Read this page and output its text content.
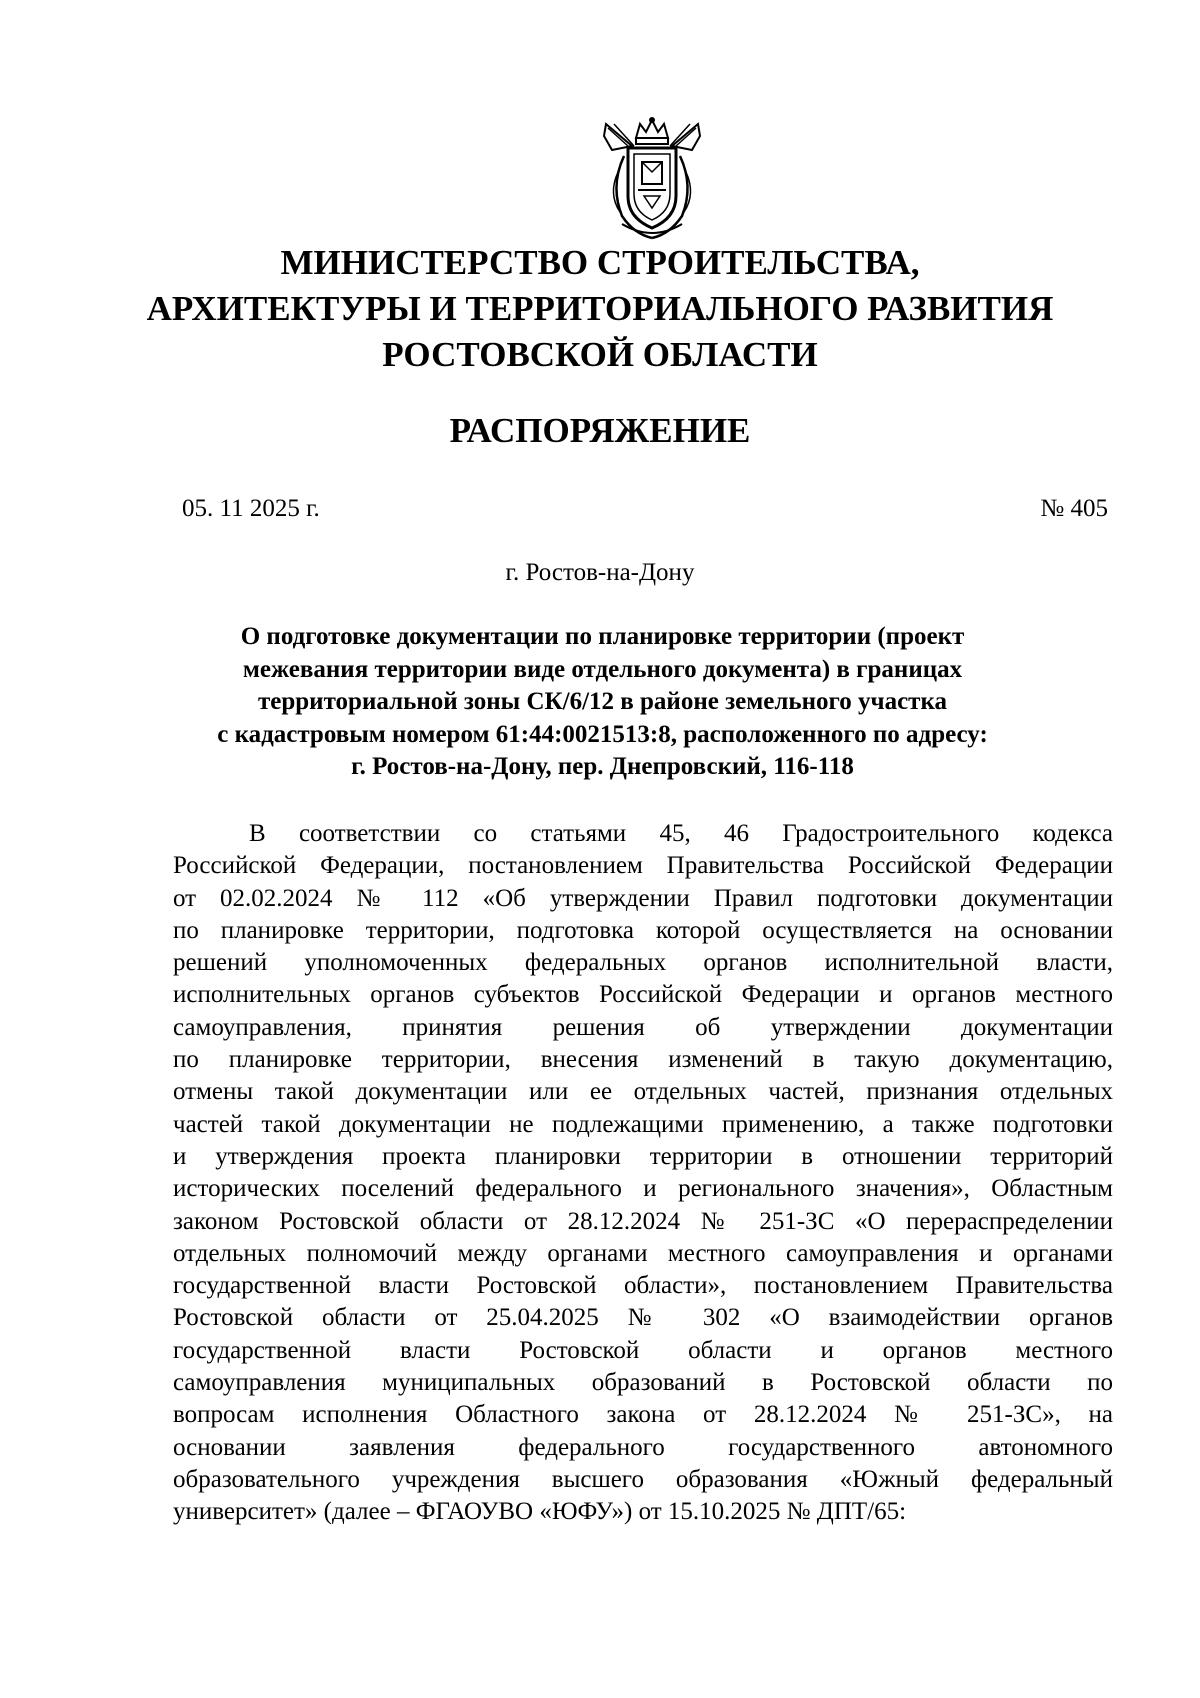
МИНИСТЕРСТВО СТРОИТЕЛЬСТВА,
АРХИТЕКТУРЫ И ТЕРРИТОРИАЛЬНОГО РАЗВИТИЯ
РОСТОВСКОЙ ОБЛАСТИ
РАСПОРЯЖЕНИЕ
05. 11 2025 г.	№ 405
г. Ростов-на-Дону
О подготовке документации по планировке территории (проект
межевания территории виде отдельного документа) в границах
территориальной зоны СК/6/12 в районе земельного участка
с кадастровым номером 61:44:0021513:8, расположенного по адресу:
г. Ростов-на-Дону, пер. Днепровский, 116-118
В соответствии со статьями 45, 46 Градостроительного кодекса
Российской Федерации, постановлением Правительства Российской Федерации
от 02.02.2024 № 112 «Об утверждении Правил подготовки документации
по планировке территории, подготовка которой осуществляется на основании
решений уполномоченных федеральных органов исполнительной власти,
исполнительных органов субъектов Российской Федерации и органов местного
самоуправления, принятия решения об утверждении документации
по планировке территории, внесения изменений в такую документацию,
отмены такой документации или ее отдельных частей, признания отдельных
частей такой документации не подлежащими применению, а также подготовки
и утверждения проекта планировки территории в отношении территорий
исторических поселений федерального и регионального значения», Областным
законом Ростовской области от 28.12.2024 № 251-ЗС «О перераспределении
отдельных полномочий между органами местного самоуправления и органами
государственной власти Ростовской области», постановлением Правительства
Ростовской области от 25.04.2025 № 302 «О взаимодействии органов
государственной власти Ростовской области и органов местного
самоуправления муниципальных образований в Ростовской области по
вопросам исполнения Областного закона от 28.12.2024 № 251-ЗС», на
основании заявления федерального государственного автономного
образовательного учреждения высшего образования «Южный федеральный
университет» (далее – ФГАОУВО «ЮФУ») от 15.10.2025 № ДПТ/65:
